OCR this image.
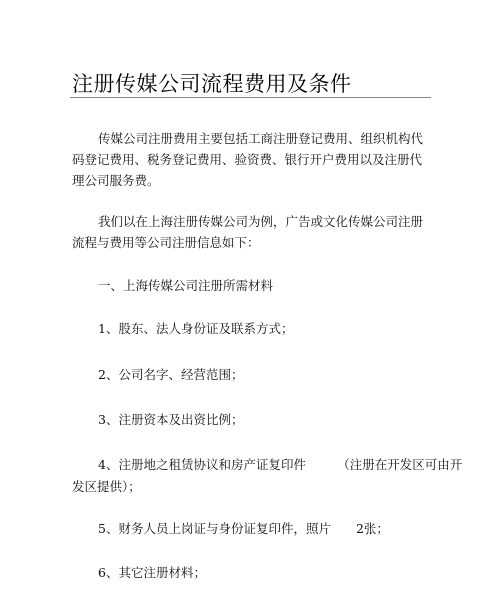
注册传媒公司流程费用及条件
传媒公司注册费用主要包括工商注册登记费用、组织机构代
码登记费用、税务登记费用、验资费、银行开户费用以及注册代
理公司服务费。
我们以在上海注册传媒公司为例，广告或文化传媒公司注册
流程与费用等公司注册信息如下：
一、上海传媒公司注册所需材料
1、股东、法人身份证及联系方式；
2、公司名字、经营范围；
3、注册资本及出资比例；
4、注册地之租赁协议和房产证复印件　　　（注册在开发区可由开
发区提供）；
5、财务人员上岗证与身份证复印件，照片　　2张；
6、其它注册材料；
